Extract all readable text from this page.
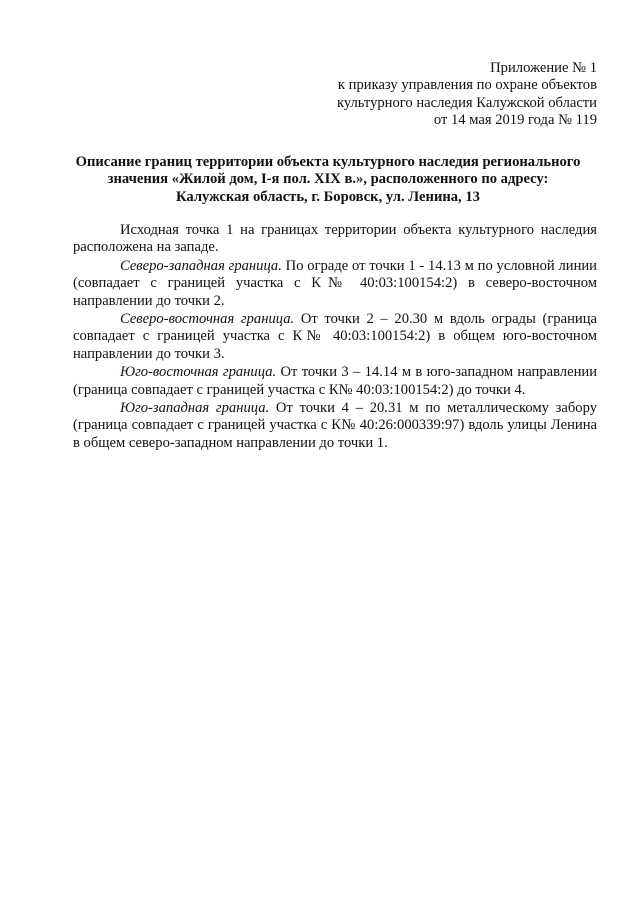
Приложение № 1
к приказу управления по охране объектов
культурного наследия Калужской области
от 14 мая 2019 года № 119
Описание границ территории объекта культурного наследия регионального
значения «Жилой дом, I-я пол. XIX в.», расположенного по адресу:
Калужская область, г. Боровск, ул. Ленина, 13

Исходная точка 1 на границах территории объекта культурного наследия расположена на западе.

Северо-западная граница. По ограде от точки 1 - 14.13 м по условной линии (совпадает с границей участка с К№ 40:03:100154:2) в северо-восточном направлении до точки 2.

Северо-восточная граница. От точки 2 – 20.30 м вдоль ограды (граница совпадает с границей участка с К№ 40:03:100154:2) в общем юго-восточном направлении до точки 3.

Юго-восточная граница. От точки 3 – 14.14 м в юго-западном направлении (граница совпадает с границей участка с К№ 40:03:100154:2) до точки 4.

Юго-западная граница. От точки 4 – 20.31 м по металлическому забору (граница совпадает с границей участка с К№ 40:26:000339:97) вдоль улицы Ленина в общем северо-западном направлении до точки 1.
